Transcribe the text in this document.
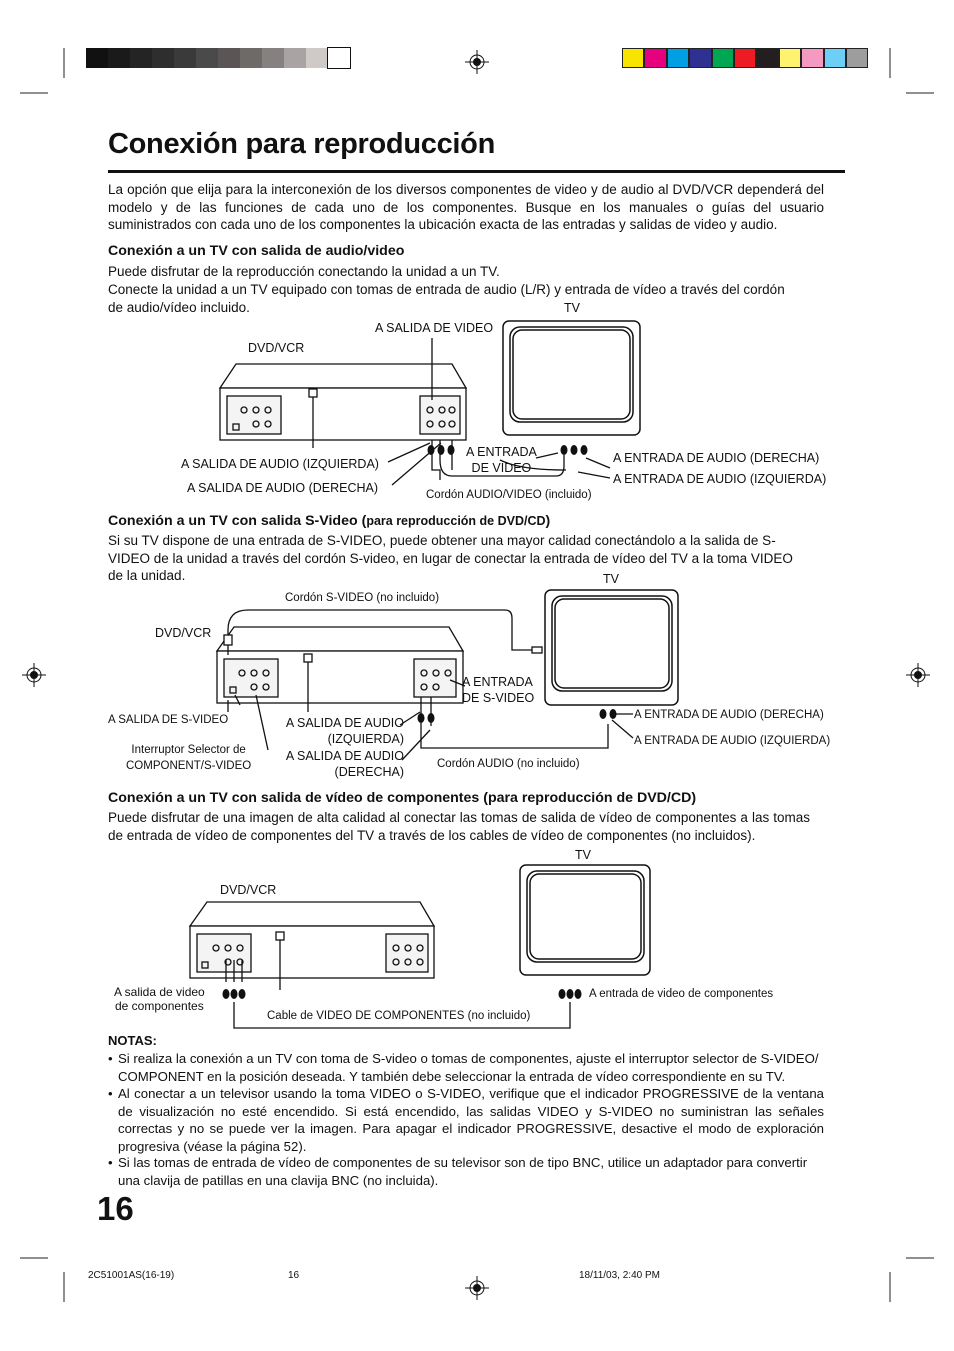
Conexión para reproducción
La opción que elija para la interconexión de los diversos componentes de video y de audio al DVD/VCR dependerá del modelo y de las funciones de cada uno de los componentes. Busque en los manuales o guías del usuario suministrados con cada uno de los componentes la ubicación exacta de las entradas y salidas de video y audio.
Conexión a un TV con salida de audio/video
Puede disfrutar de la reproducción conectando la unidad a un TV.
Conecte la unidad a un TV equipado con tomas de entrada de audio (L/R) y entrada de vídeo a través del cordón de audio/vídeo incluido.	TV
A SALIDA DE VIDEO
DVD/VCR
A ENTRADA
DE VIDEO
A SALIDA DE AUDIO (IZQUIERDA)	A ENTRADA DE AUDIO (DERECHA)
A ENTRADA DE AUDIO (IZQUIERDA)
A SALIDA DE AUDIO (DERECHA)	Cordón AUDIO/VIDEO (incluido)
Conexión a un TV con salida S-Video (para reproducción de DVD/CD)
Si su TV dispone de una entrada de S-VIDEO, puede obtener una mayor calidad conectándolo a la salida de S-VIDEO de la unidad a través del cordón S-video, en lugar de conectar la entrada de vídeo del TV a la toma VIDEO de la unidad.	TV
Cordón S-VIDEO (no incluido)
DVD/VCR
A ENTRADA
DE S-VIDEO
A SALIDA DE S-VIDEO	A SALIDA DE AUDIO
(IZQUIERDA)
A ENTRADA DE AUDIO (DERECHA)
A ENTRADA DE AUDIO (IZQUIERDA)
Interruptor Selector de
COMPONENT/S-VIDEO
A SALIDA DE AUDIO
(DERECHA)
Cordón AUDIO (no incluido)
Conexión a un TV con salida de vídeo de componentes (para reproducción de DVD/CD)
Puede disfrutar de una imagen de alta calidad al conectar las tomas de salida de vídeo de componentes a las tomas de entrada de vídeo de componentes del TV a través de los cables de vídeo de componentes (no incluidos).
TV
DVD/VCR
A salida de video
de componentes
A entrada de video de componentes
Cable de VIDEO DE COMPONENTES (no incluido)
NOTAS:
• Si realiza la conexión a un TV con toma de S-video o tomas de componentes, ajuste el interruptor selector de S-VIDEO/ COMPONENT en la posición deseada. Y también debe seleccionar la entrada de vídeo correspondiente en su TV.
• Al conectar a un televisor usando la toma VIDEO o S-VIDEO, verifique que el indicador PROGRESSIVE de la ventana de visualización no esté encendido. Si está encendido, las salidas VIDEO y S-VIDEO no suministran las señales correctas y no se puede ver la imagen. Para apagar el indicador PROGRESSIVE, desactive el modo de exploración progresiva (véase la página 52).
• Si las tomas de entrada de vídeo de componentes de su televisor son de tipo BNC, utilice un adaptador para convertir una clavija de patillas en una clavija BNC (no incluida).
16
2C51001AS(16-19)	16	18/11/03, 2:40 PM
